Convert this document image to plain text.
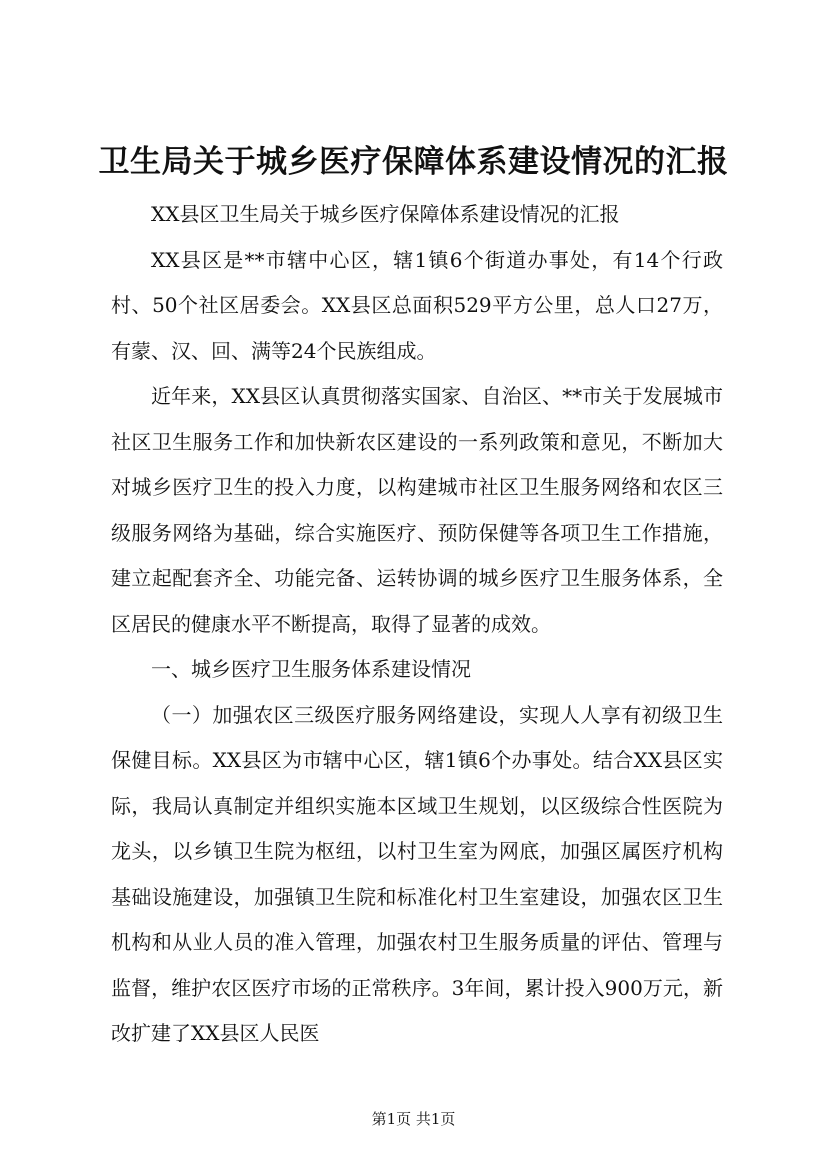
卫生局关于城乡医疗保障体系建设情况的汇报

XX县区卫生局关于城乡医疗保障体系建设情况的汇报

XX县区是**市辖中心区，辖1镇6个街道办事处，有14个行政村、50个社区居委会。XX县区总面积529平方公里，总人口27万，有蒙、汉、回、满等24个民族组成。

近年来，XX县区认真贯彻落实国家、自治区、**市关于发展城市社区卫生服务工作和加快新农区建设的一系列政策和意见，不断加大对城乡医疗卫生的投入力度，以构建城市社区卫生服务网络和农区三级服务网络为基础，综合实施医疗、预防保健等各项卫生工作措施，建立起配套齐全、功能完备、运转协调的城乡医疗卫生服务体系，全区居民的健康水平不断提高，取得了显著的成效。

一、城乡医疗卫生服务体系建设情况

（一）加强农区三级医疗服务网络建设，实现人人享有初级卫生保健目标。XX县区为市辖中心区，辖1镇6个办事处。结合XX县区实际，我局认真制定并组织实施本区域卫生规划，以区级综合性医院为龙头，以乡镇卫生院为枢纽，以村卫生室为网底，加强区属医疗机构基础设施建设，加强镇卫生院和标准化村卫生室建设，加强农区卫生机构和从业人员的准入管理，加强农村卫生服务质量的评估、管理与监督，维护农区医疗市场的正常秩序。3年间，累计投入900万元，新改扩建了XX县区人民医

第1页 共1页
